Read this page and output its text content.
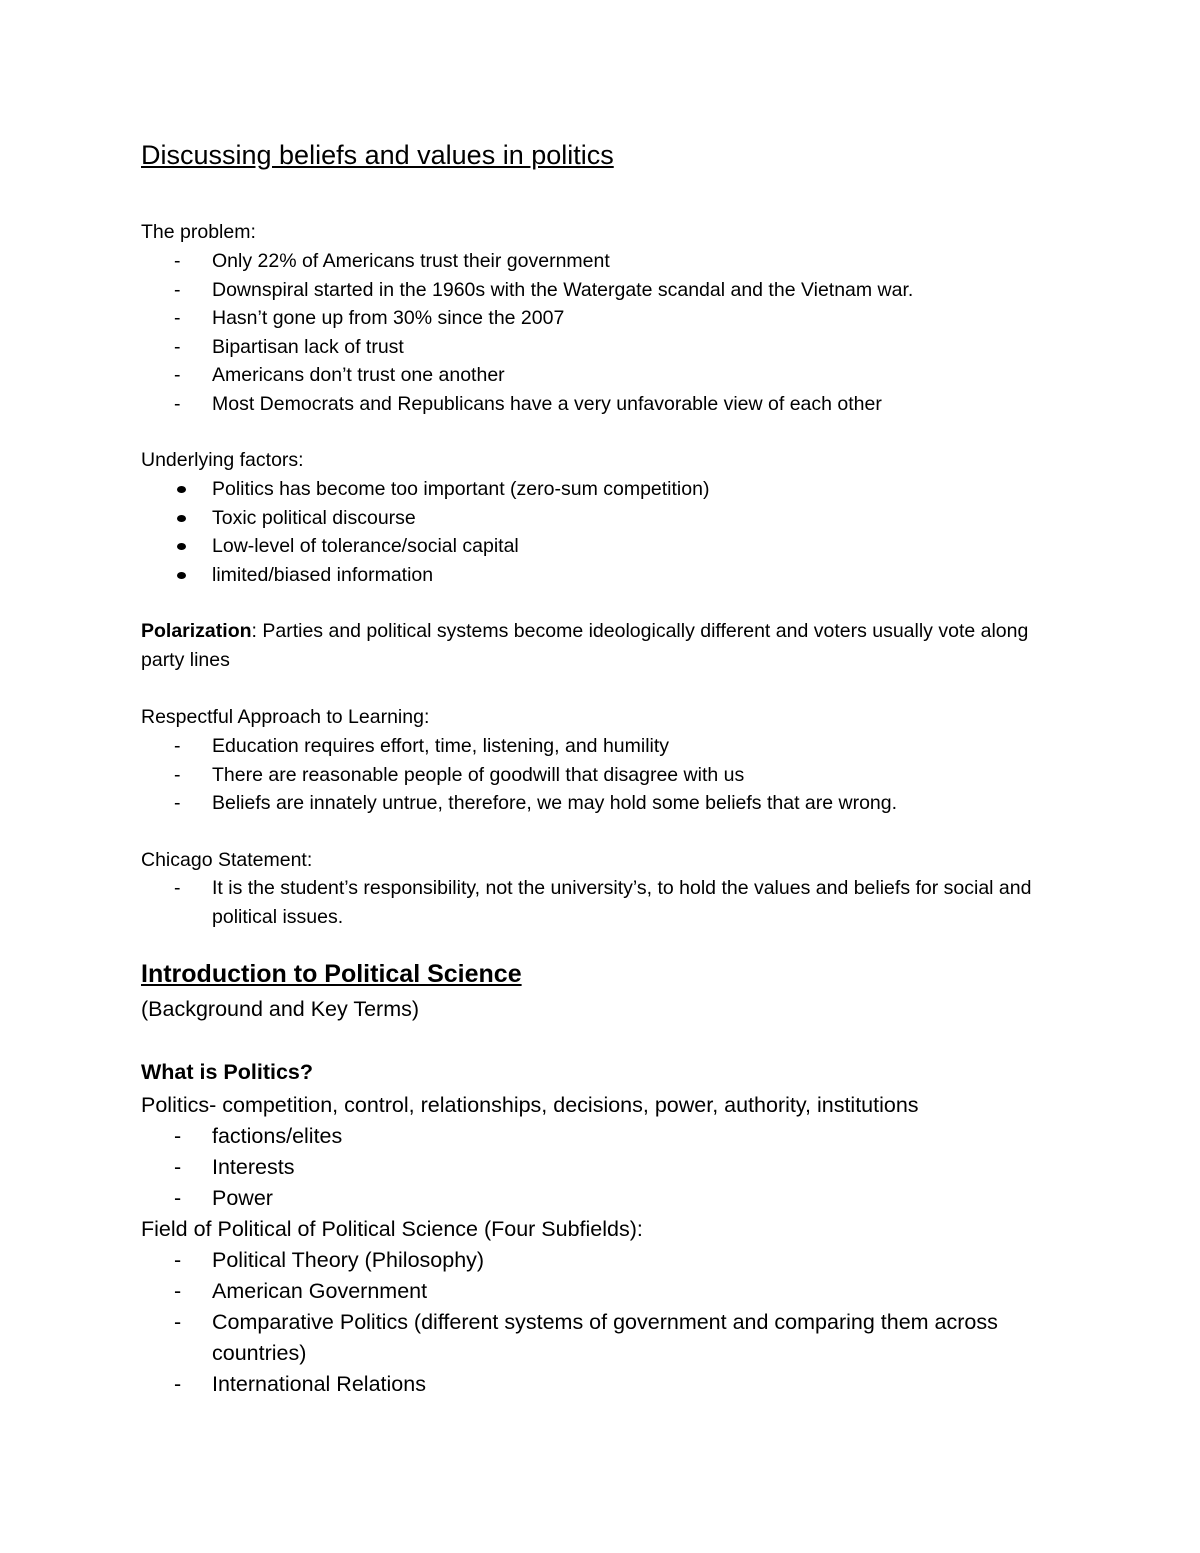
Discussing beliefs and values in politics
The problem:
- Only 22% of Americans trust their government
- Downspiral started in the 1960s with the Watergate scandal and the Vietnam war.
- Hasn’t gone up from 30% since the 2007
- Bipartisan lack of trust
- Americans don’t trust one another
- Most Democrats and Republicans have a very unfavorable view of each other
Underlying factors:
Politics has become too important (zero-sum competition)
Toxic political discourse
Low-level of tolerance/social capital
limited/biased information
Polarization: Parties and political systems become ideologically different and voters usually vote along party lines
Respectful Approach to Learning:
- Education requires effort, time, listening, and humility
- There are reasonable people of goodwill that disagree with us
- Beliefs are innately untrue, therefore, we may hold some beliefs that are wrong.
Chicago Statement:
- It is the student’s responsibility, not the university’s, to hold the values and beliefs for social and political issues.
Introduction to Political Science
(Background and Key Terms)
What is Politics?
Politics- competition, control, relationships, decisions, power, authority, institutions
- factions/elites
- Interests
- Power
Field of Political of Political Science (Four Subfields):
- Political Theory (Philosophy)
- American Government
- Comparative Politics (different systems of government and comparing them across countries)
- International Relations
